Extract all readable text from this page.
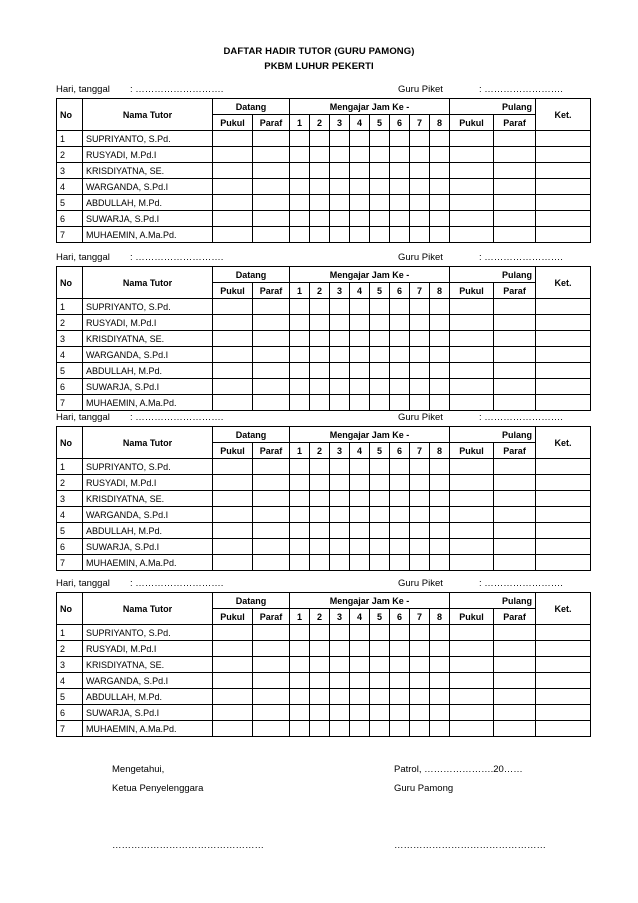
DAFTAR HADIR TUTOR (GURU PAMONG)
PKBM LUHUR PEKERTI
Hari, tanggal : ……………………….	Guru Piket	: …………………….
No	Nama Tutor	Datang		Mengajar Jam Ke -								Pulang		Ket.
		Pukul	Paraf	1	2	3	4	5	6	7	8	Pukul	Paraf	
1	SUPRIYANTO, S.Pd.													
2	RUSYADI, M.Pd.I													
3	KRISDIYATNA, SE.													
4	WARGANDA, S.Pd.I													
5	ABDULLAH, M.Pd.													
6	SUWARJA, S.Pd.I													
7	MUHAEMIN, A.Ma.Pd.													
Hari, tanggal : ……………………….	Guru Piket	: …………………….
No	Nama Tutor	Datang		Mengajar Jam Ke -								Pulang		Ket.
		Pukul	Paraf	1	2	3	4	5	6	7	8	Pukul	Paraf	
1	SUPRIYANTO, S.Pd.													
2	RUSYADI, M.Pd.I													
3	KRISDIYATNA, SE.													
4	WARGANDA, S.Pd.I													
5	ABDULLAH, M.Pd.													
6	SUWARJA, S.Pd.I													
7	MUHAEMIN, A.Ma.Pd.													
Hari, tanggal : ……………………….	Guru Piket	: …………………….
No	Nama Tutor	Datang		Mengajar Jam Ke -								Pulang		Ket.
		Pukul	Paraf	1	2	3	4	5	6	7	8	Pukul	Paraf	
1	SUPRIYANTO, S.Pd.													
2	RUSYADI, M.Pd.I													
3	KRISDIYATNA, SE.													
4	WARGANDA, S.Pd.I													
5	ABDULLAH, M.Pd.													
6	SUWARJA, S.Pd.I													
7	MUHAEMIN, A.Ma.Pd.													
Hari, tanggal : ……………………….	Guru Piket	: …………………….
No	Nama Tutor	Datang		Mengajar Jam Ke -								Pulang		Ket.
		Pukul	Paraf	1	2	3	4	5	6	7	8	Pukul	Paraf	
1	SUPRIYANTO, S.Pd.													
2	RUSYADI, M.Pd.I													
3	KRISDIYATNA, SE.													
4	WARGANDA, S.Pd.I													
5	ABDULLAH, M.Pd.													
6	SUWARJA, S.Pd.I													
7	MUHAEMIN, A.Ma.Pd.													
Mengetahui,
Ketua Penyelenggara
…………………………………………
Patrol, ………………….20……
Guru Pamong
…………………………………………
